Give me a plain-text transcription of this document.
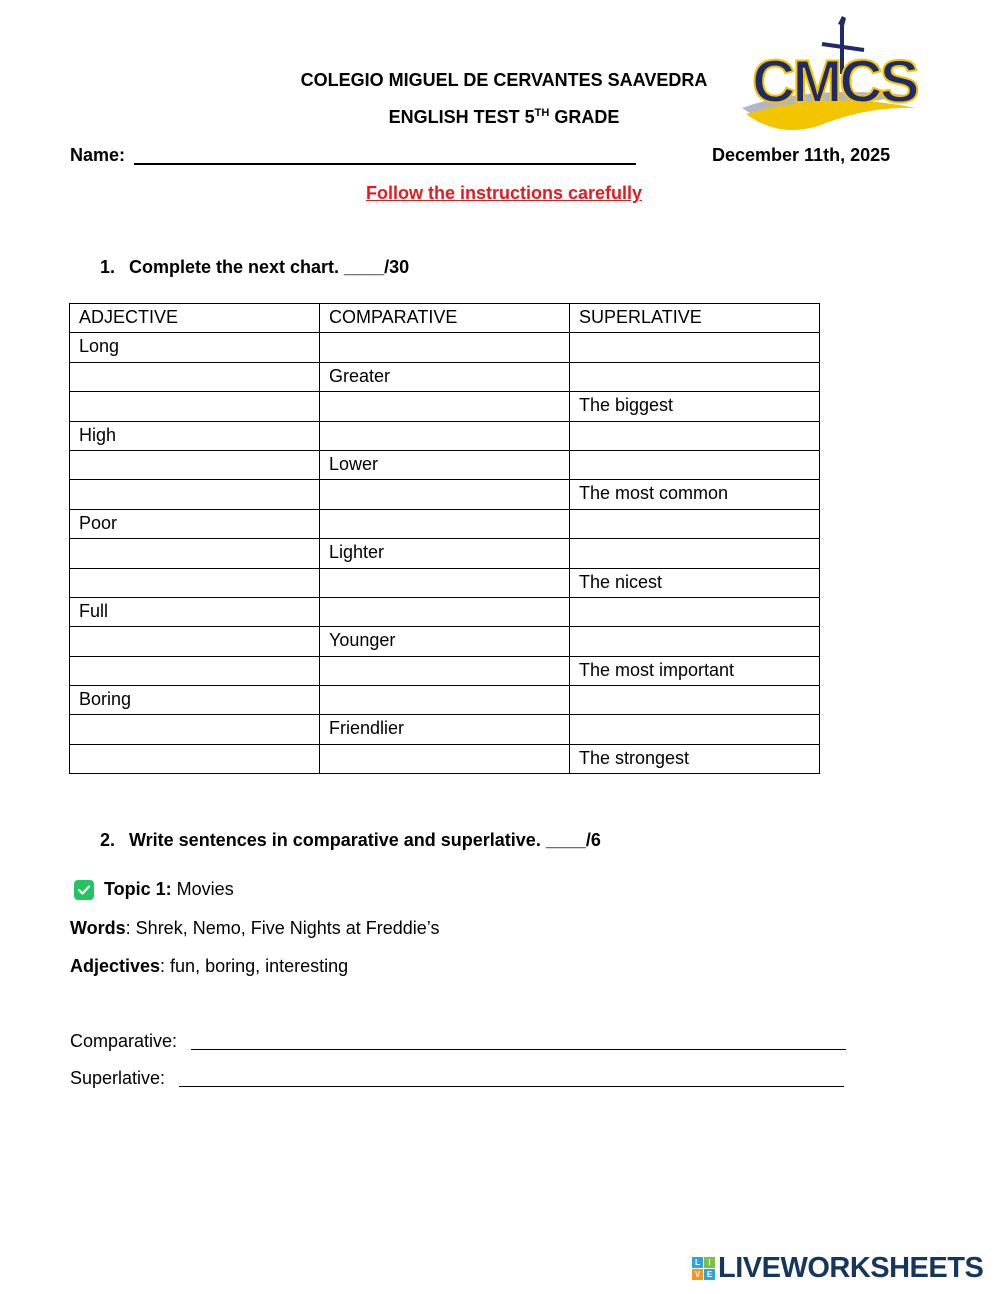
COLEGIO MIGUEL DE CERVANTES SAAVEDRA
ENGLISH TEST 5TH GRADE
CMCS
Name:	December 11th, 2025
Follow the instructions carefully
1. Complete the next chart. ____/30
ADJECTIVE	COMPARATIVE	SUPERLATIVE
Long		
	Greater	
		The biggest
High		
	Lower	
		The most common
Poor		
	Lighter	
		The nicest
Full		
	Younger	
		The most important
Boring		
	Friendlier	
		The strongest
2. Write sentences in comparative and superlative. ____/6
Topic 1: Movies
Words: Shrek, Nemo, Five Nights at Freddie’s
Adjectives: fun, boring, interesting
Comparative:
Superlative:
L	I
V E LIVEWORKSHEETS
